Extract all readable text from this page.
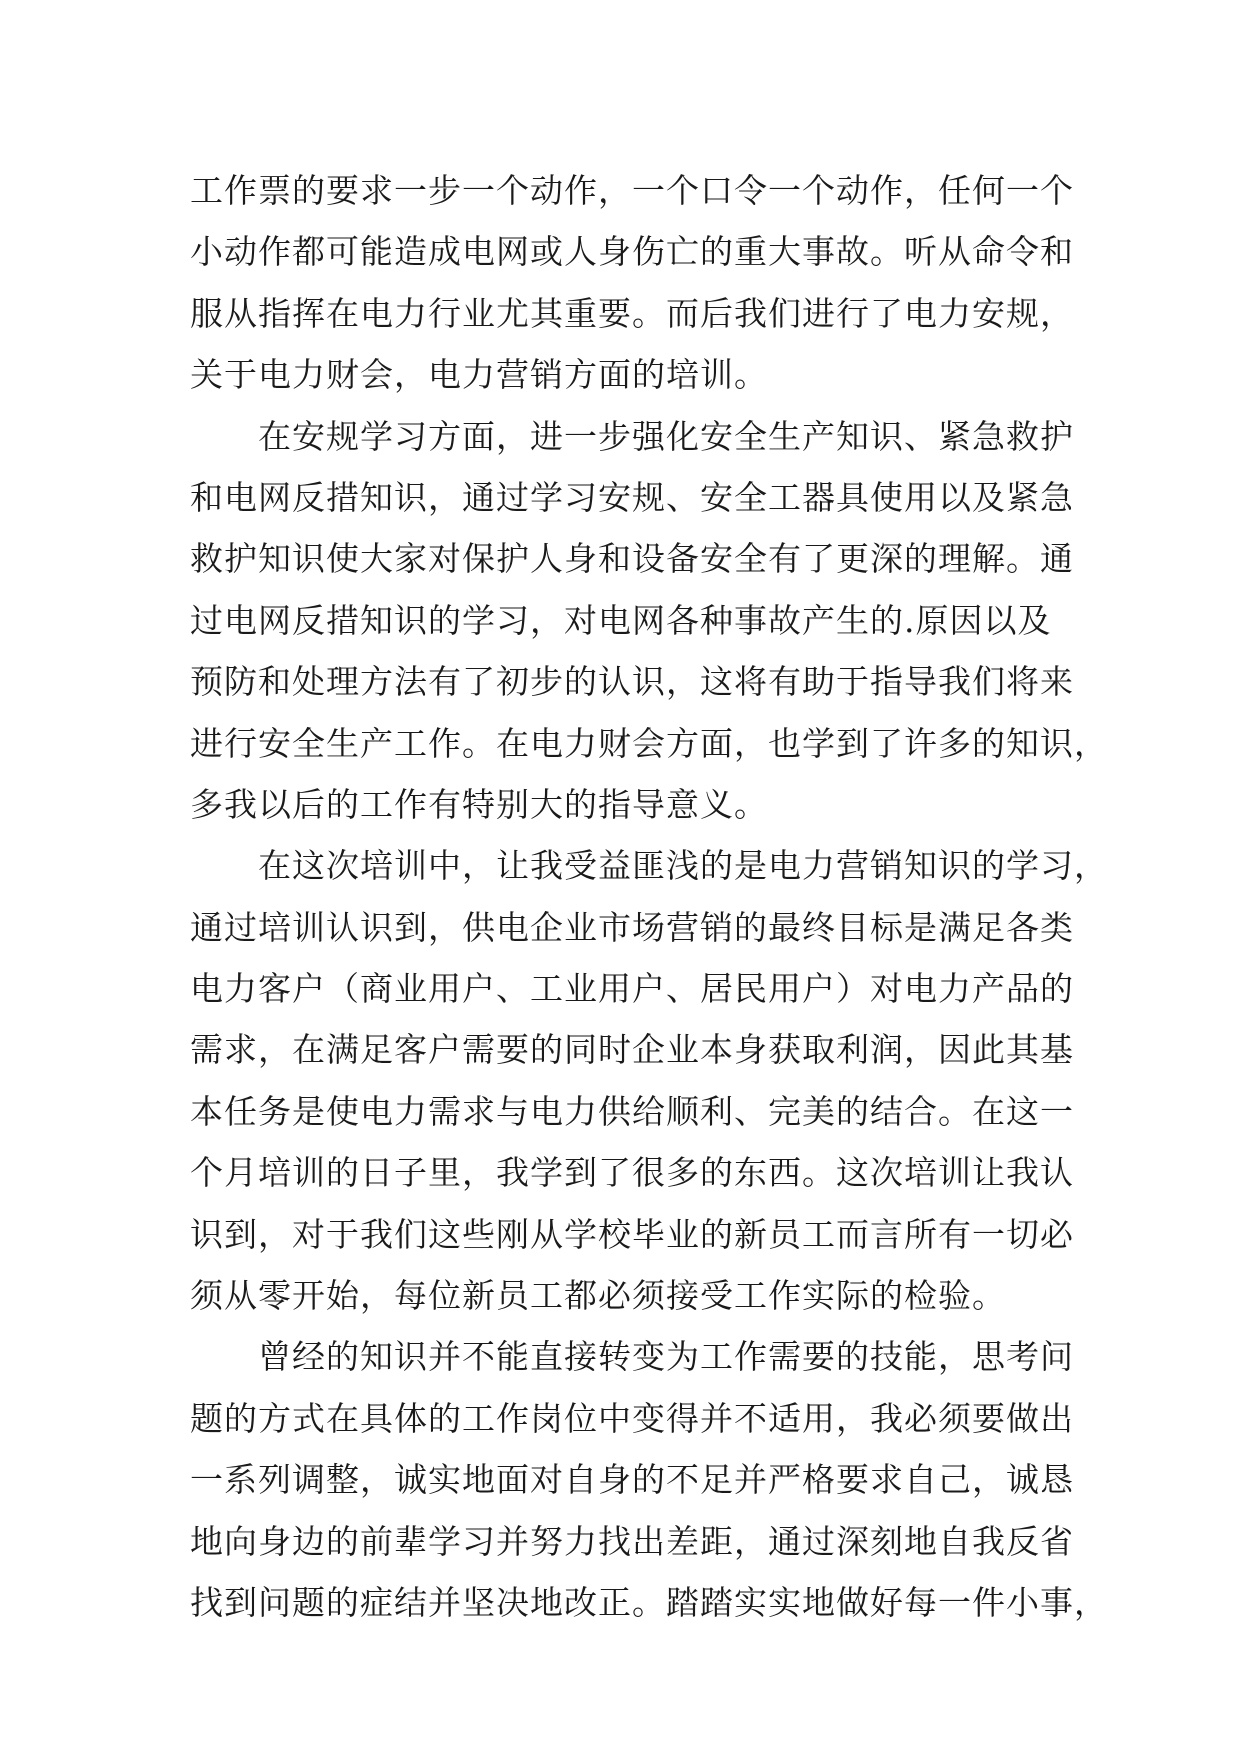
工作票的要求一步一个动作，一个口令一个动作，任何一个
小动作都可能造成电网或人身伤亡的重大事故。听从命令和
服从指挥在电力行业尤其重要。而后我们进行了电力安规，
关于电力财会，电力营销方面的培训。
在安规学习方面，进一步强化安全生产知识、紧急救护
和电网反措知识，通过学习安规、安全工器具使用以及紧急
救护知识使大家对保护人身和设备安全有了更深的理解。通
过电网反措知识的学习，对电网各种事故产生的.原因以及
预防和处理方法有了初步的认识，这将有助于指导我们将来
进行安全生产工作。在电力财会方面，也学到了许多的知识，
多我以后的工作有特别大的指导意义。
在这次培训中，让我受益匪浅的是电力营销知识的学习，
通过培训认识到，供电企业市场营销的最终目标是满足各类
电力客户（商业用户、工业用户、居民用户）对电力产品的
需求，在满足客户需要的同时企业本身获取利润，因此其基
本任务是使电力需求与电力供给顺利、完美的结合。在这一
个月培训的日子里，我学到了很多的东西。这次培训让我认
识到，对于我们这些刚从学校毕业的新员工而言所有一切必
须从零开始，每位新员工都必须接受工作实际的检验。
曾经的知识并不能直接转变为工作需要的技能，思考问
题的方式在具体的工作岗位中变得并不适用，我必须要做出
一系列调整，诚实地面对自身的不足并严格要求自己，诚恳
地向身边的前辈学习并努力找出差距，通过深刻地自我反省
找到问题的症结并坚决地改正。踏踏实实地做好每一件小事，
